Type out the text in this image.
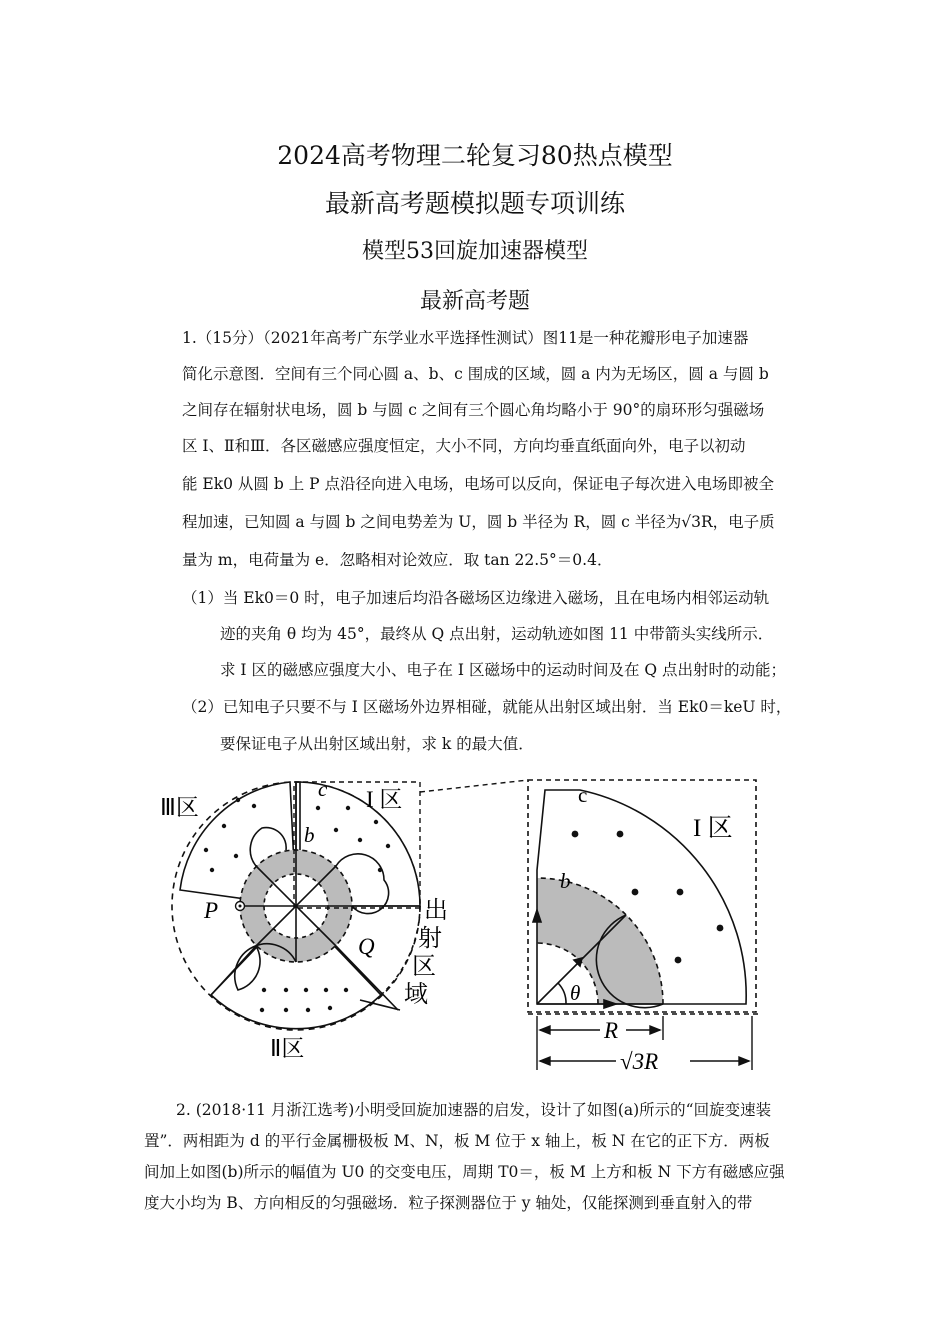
2024高考物理二轮复习80热点模型
最新高考题模拟题专项训练
模型53回旋加速器模型
最新高考题
1.（15分）（2021年高考广东学业水平选择性测试）图11是一种花瓣形电子加速器
简化示意图．空间有三个同心圆 a、b、c 围成的区域，圆 a 内为无场区，圆 a 与圆 b
之间存在辐射状电场，圆 b 与圆 c 之间有三个圆心角均略小于 90°的扇环形匀强磁场
区 I、Ⅱ和Ⅲ．各区磁感应强度恒定，大小不同，方向均垂直纸面向外，电子以初动
能 Ek0 从圆 b 上 P 点沿径向进入电场，电场可以反向，保证电子每次进入电场即被全
程加速，已知圆 a 与圆 b 之间电势差为 U，圆 b 半径为 R，圆 c 半径为√3R，电子质
量为 m，电荷量为 e．忽略相对论效应．取 tan 22.5°＝0.4．
（1）当 Ek0＝0 时，电子加速后均沿各磁场区边缘进入磁场，且在电场内相邻运动轨
迹的夹角 θ 均为 45°，最终从 Q 点出射，运动轨迹如图 11 中带箭头实线所示．
求 I 区的磁感应强度大小、电子在 I 区磁场中的运动时间及在 Q 点出射时的动能；
（2）已知电子只要不与 I 区磁场外边界相碰，就能从出射区域出射．当 Ek0＝keU 时，
要保证电子从出射区域出射，求 k 的最大值．
Ⅲ区	I 区
c
b
P
Q
Ⅱ区
出
射
区
域
I 区
c
b
θ
R
√3R
2. (2018·11 月浙江选考)小明受回旋加速器的启发，设计了如图(a)所示的“回旋变速装
置”．两相距为 d 的平行金属栅极板 M、N，板 M 位于 x 轴上，板 N 在它的正下方．两板
间加上如图(b)所示的幅值为 U0 的交变电压，周期 T0＝，板 M 上方和板 N 下方有磁感应强
度大小均为 B、方向相反的匀强磁场．粒子探测器位于 y 轴处，仅能探测到垂直射入的带
